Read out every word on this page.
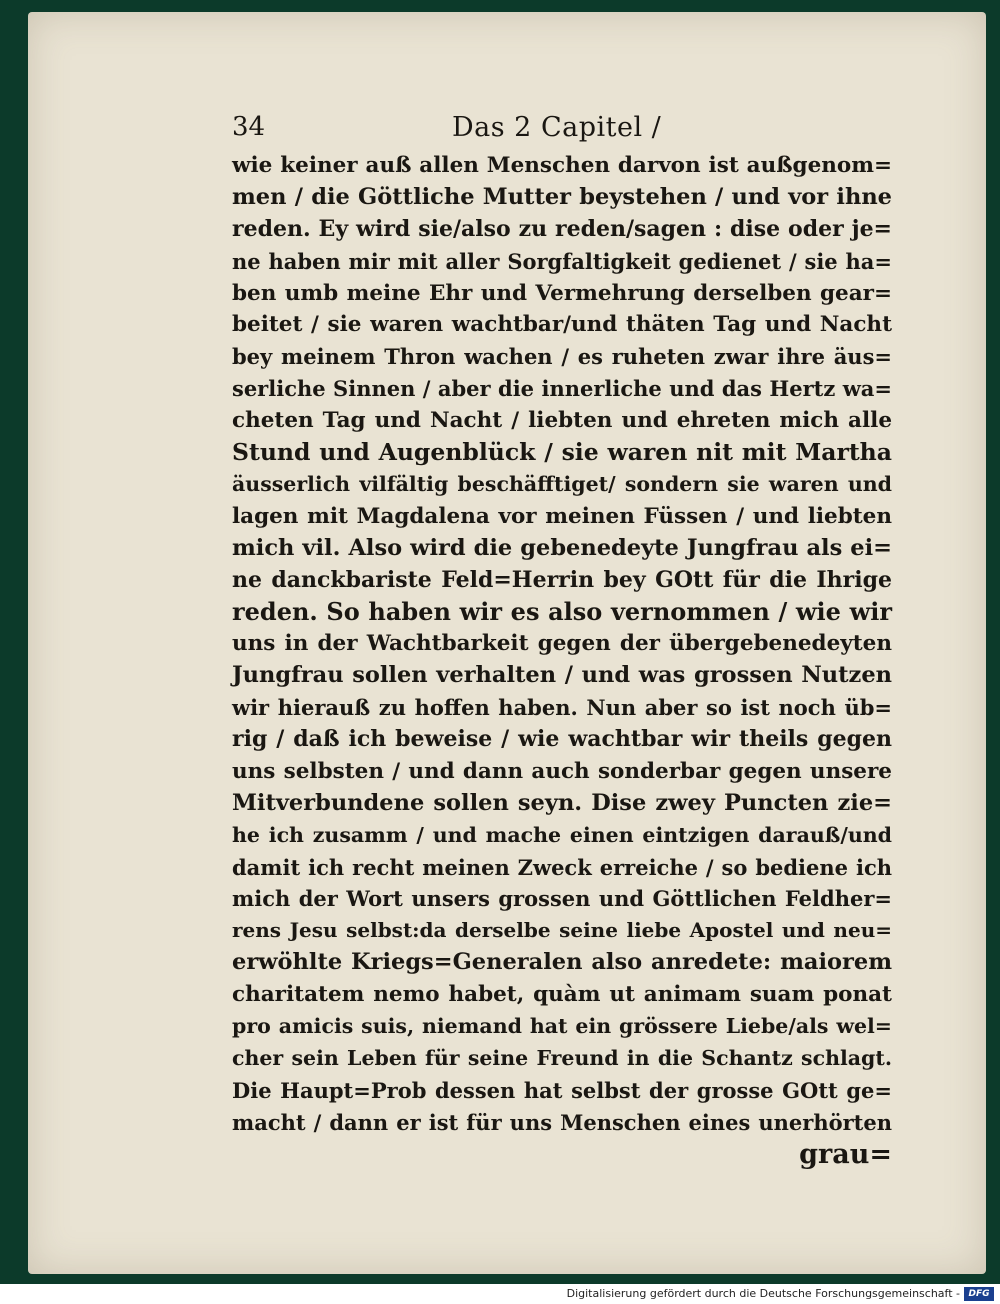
34	Das 2 Capitel /
wie keiner auß allen Menschen darvon ist außgenom=
men / die Göttliche Mutter beystehen / und vor ihne
reden. Ey wird sie/also zu reden/sagen : dise oder je=
ne haben mir mit aller Sorgfaltigkeit gedienet / sie ha=
ben umb meine Ehr und Vermehrung derselben gear=
beitet / sie waren wachtbar/und thäten Tag und Nacht
bey meinem Thron wachen / es ruheten zwar ihre äus=
serliche Sinnen / aber die innerliche und das Hertz wa=
cheten Tag und Nacht / liebten und ehreten mich alle
Stund und Augenblück / sie waren nit mit Martha
äusserlich vilfältig beschäfftiget/ sondern sie waren und
lagen mit Magdalena vor meinen Füssen / und liebten
mich vil. Also wird die gebenedeyte Jungfrau als ei=
ne danckbariste Feld=Herrin bey GOtt für die Ihrige
reden. So haben wir es also vernommen / wie wir
uns in der Wachtbarkeit gegen der übergebenedeyten
Jungfrau sollen verhalten / und was grossen Nutzen
wir hierauß zu hoffen haben. Nun aber so ist noch üb=
rig / daß ich beweise / wie wachtbar wir theils gegen
uns selbsten / und dann auch sonderbar gegen unsere
Mitverbundene sollen seyn. Dise zwey Puncten zie=
he ich zusamm / und mache einen eintzigen darauß/und
damit ich recht meinen Zweck erreiche / so bediene ich
mich der Wort unsers grossen und Göttlichen Feldher=
rens Jesu selbst:da derselbe seine liebe Apostel und neu=
erwöhlte Kriegs=Generalen also anredete: maiorem
charitatem nemo habet, quàm ut animam suam ponat
pro amicis suis, niemand hat ein grössere Liebe/als wel=
cher sein Leben für seine Freund in die Schantz schlagt.
Die Haupt=Prob dessen hat selbst der grosse GOtt ge=
macht / dann er ist für uns Menschen eines unerhörten
grau=
Digitalisierung gefördert durch die Deutsche Forschungsgemeinschaft - DFG
